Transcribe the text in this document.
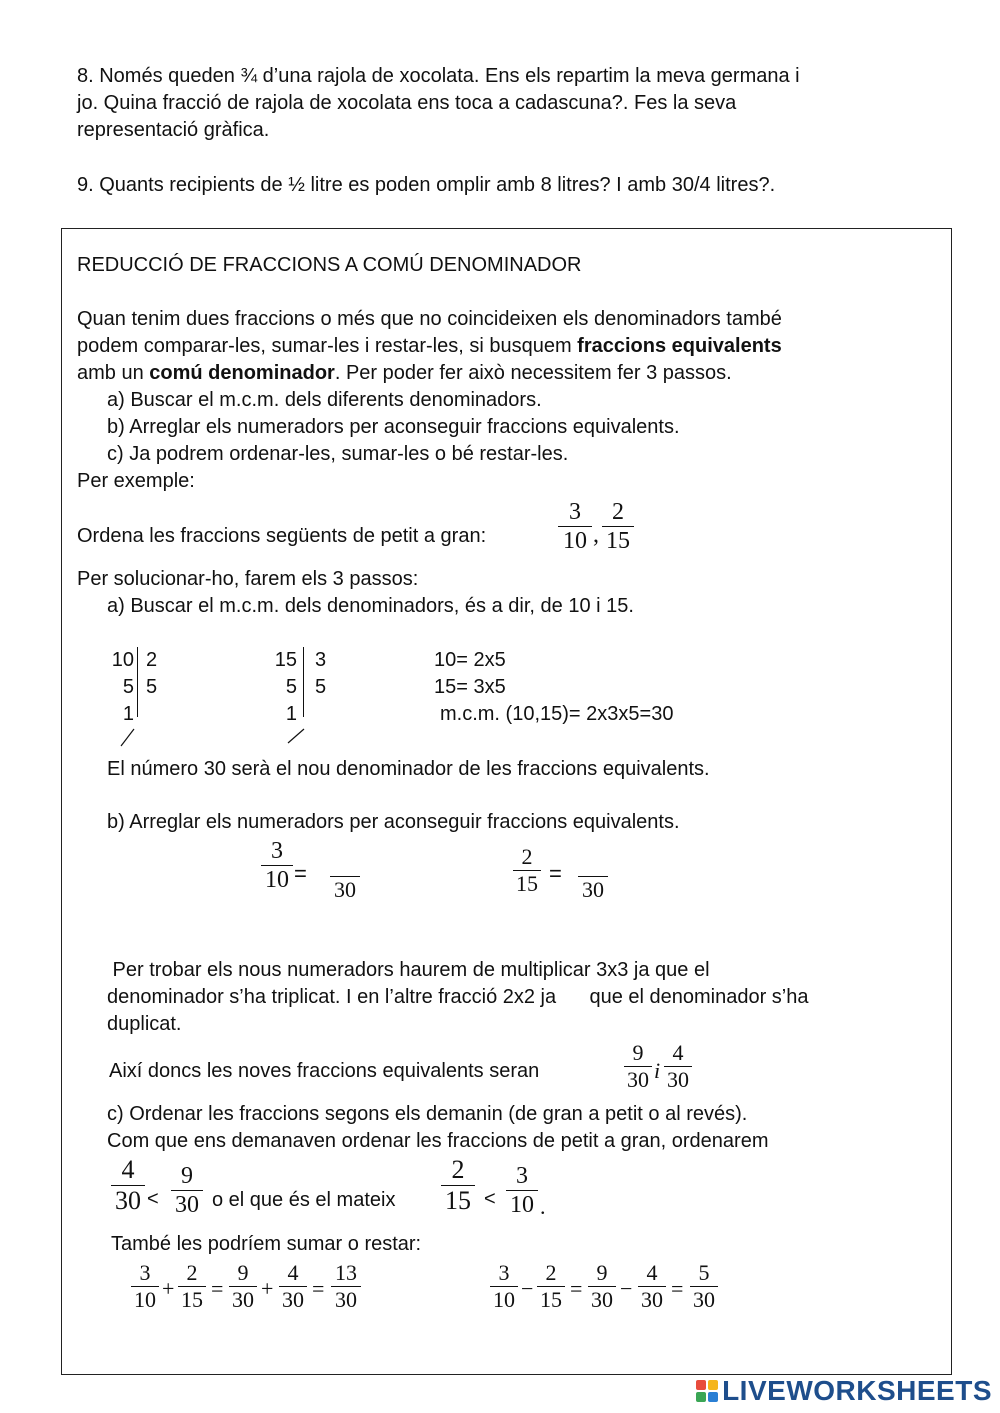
8. Només queden ¾ d’una rajola de xocolata. Ens els repartim la meva germana i
jo. Quina fracció de rajola de xocolata ens toca a cadascuna?. Fes la seva
representació gràfica.
9. Quants recipients de ½ litre es poden omplir amb 8 litres? I amb 30/4 litres?.
REDUCCIÓ DE FRACCIONS A COMÚ DENOMINADOR
Quan tenim dues fraccions o més que no coincideixen els denominadors també
podem comparar-les, sumar-les i restar-les, si busquem fraccions equivalents
amb un comú denominador. Per poder fer això necessitem fer 3 passos.
a) Buscar el m.c.m. dels diferents denominadors.
b) Arreglar els numeradors per aconseguir fraccions equivalents.
c) Ja podrem ordenar-les, sumar-les o bé restar-les.
Per exemple:
Ordena les fraccions següents de petit a gran:
3
10 ,
2
15
Per solucionar-ho, farem els 3 passos:
a) Buscar el m.c.m. dels denominadors, és a dir, de 10 i 15.
10
5
1
2
5
15
5
1
3
5
10= 2x5
15= 3x5
m.c.m. (10,15)= 2x3x5=30
El número 30 serà el nou denominador de les fraccions equivalents.
b) Arreglar els numeradors per aconseguir fraccions equivalents.
3
10 =

30
2
15 =

30
Per trobar els nous numeradors haurem de multiplicar 3x3 ja que el
denominador s’ha triplicat. I en l’altre fracció 2x2 ja      que el denominador s’ha
duplicat.
Així doncs les noves fraccions equivalents seran
9
30 i
4
30
c) Ordenar les fraccions segons els demanin (de gran a petit o al revés).
Com que ens demanaven ordenar les fraccions de petit a gran, ordenarem
4
30 <
9
30 o el que és el mateix
2
15 <
3
10 .
També les podríem sumar o restar:
3
10 +
2
15 =
9
30 +
4
30 =
13
30
3
10 −
2
15 =
9
30 −
4
30 =
5
30
LIVEWORKSHEETS
